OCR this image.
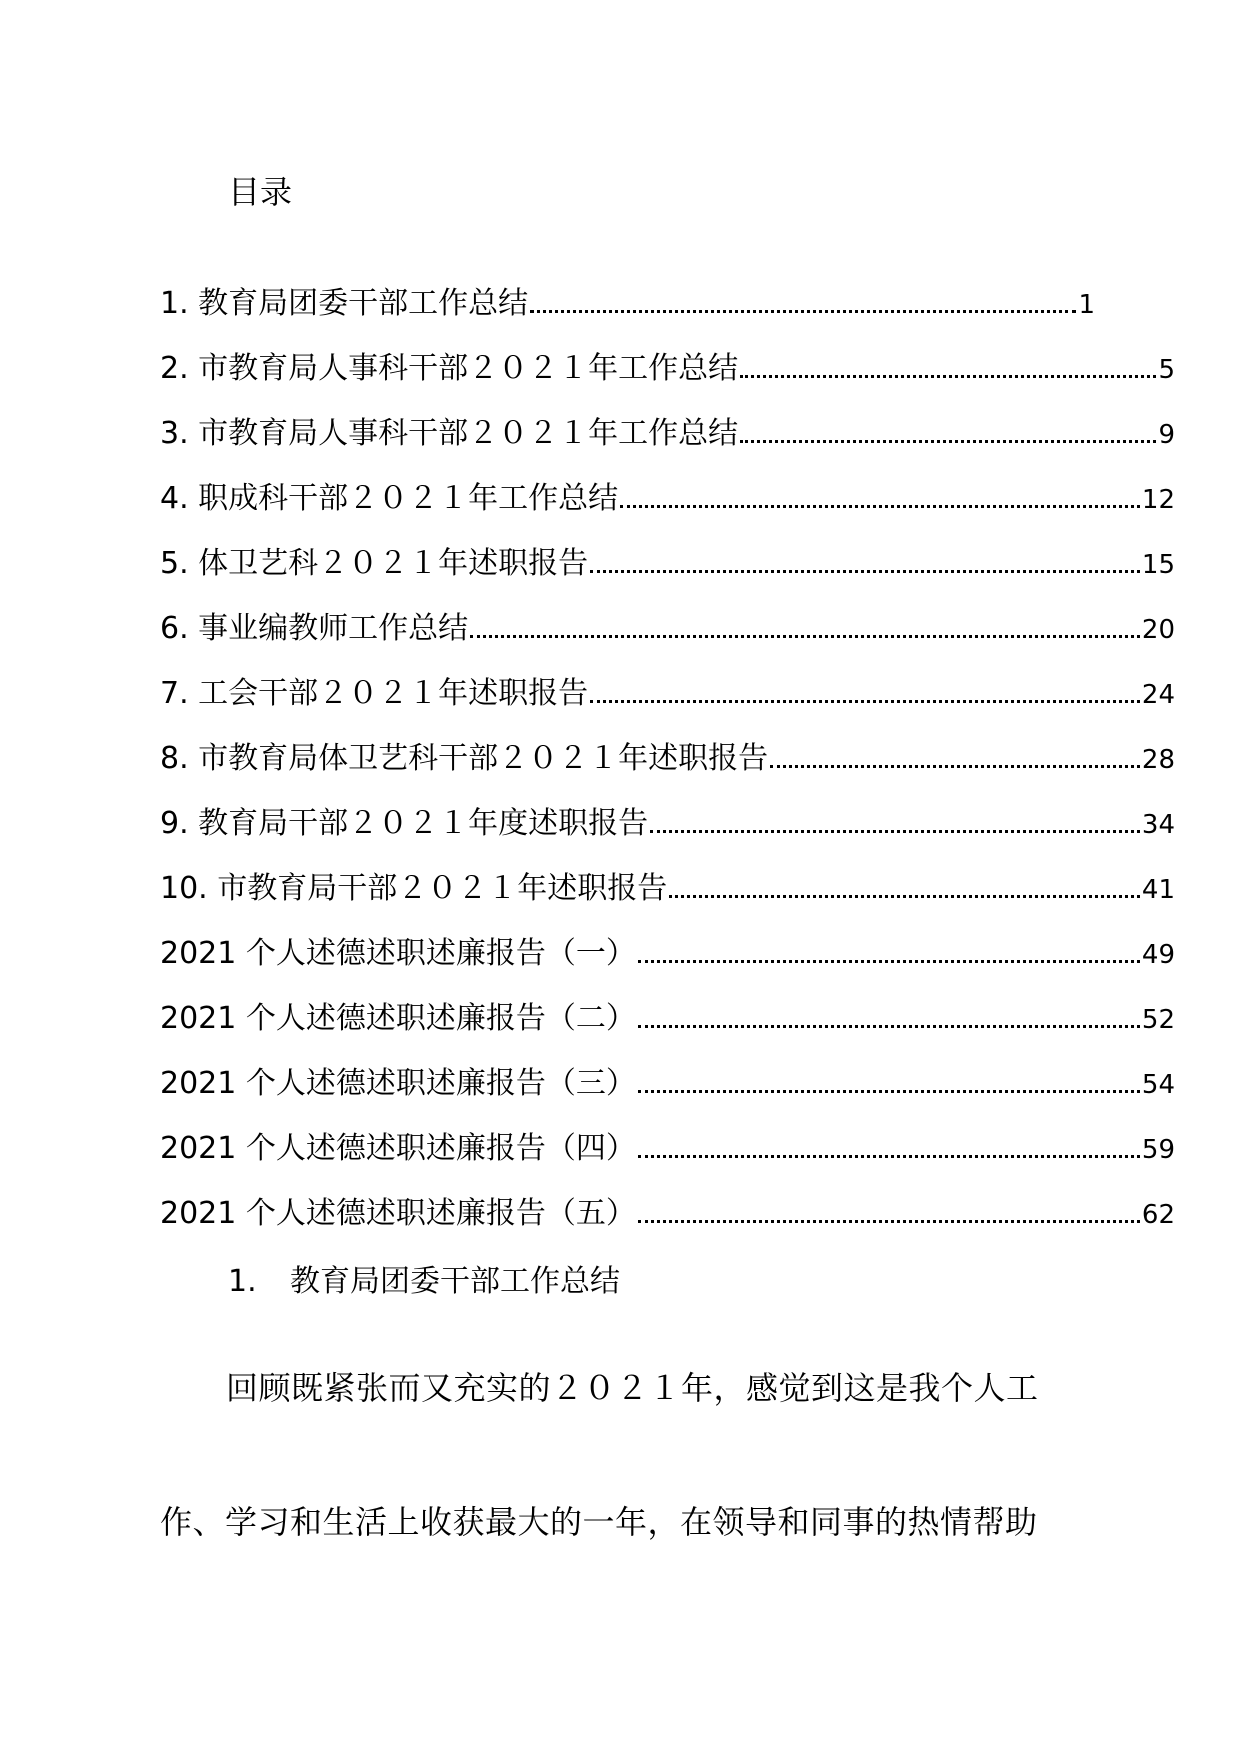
目录
1. 教育局团委干部工作总结	1
2. 市教育局人事科干部２０２１年工作总结	5
3. 市教育局人事科干部２０２１年工作总结	9
4. 职成科干部２０２１年工作总结	12
5. 体卫艺科２０２１年述职报告	15
6. 事业编教师工作总结	20
7. 工会干部２０２１年述职报告	24
8. 市教育局体卫艺科干部２０２１年述职报告	28
9. 教育局干部２０２１年度述职报告	34
10. 市教育局干部２０２１年述职报告	41
2021 个人述德述职述廉报告（一）	49
2021 个人述德述职述廉报告（二）	52
2021 个人述德述职述廉报告（三）	54
2021 个人述德述职述廉报告（四）	59
2021 个人述德述职述廉报告（五）	62
1. 教育局团委干部工作总结

回顾既紧张而又充实的２０２１年，感觉到这是我个人工

作、学习和生活上收获最大的一年，在领导和同事的热情帮助
